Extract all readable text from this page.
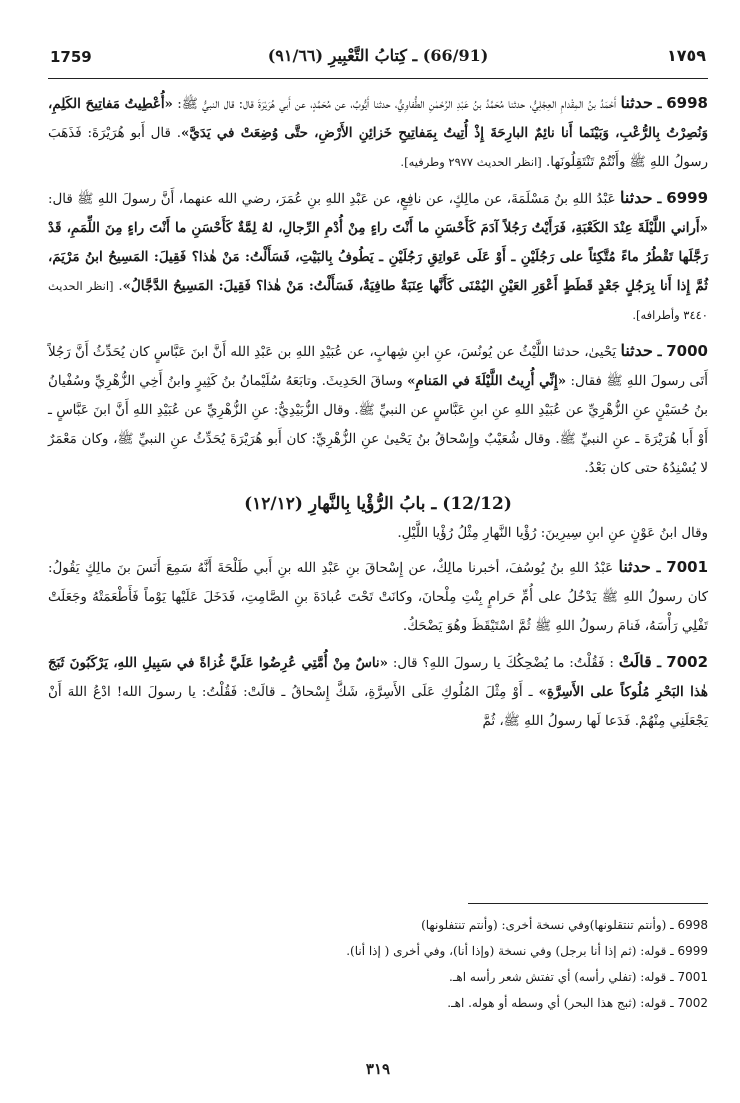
1759	(66/91) ـ كِتابُ التَّعْبِيرِ (٩١/٦٦)	١٧٥٩

6998 ـ حدثنا أَحْمَدُ بنُ المِقْدامِ العِجْلِيُّ، حدثنا مُحَمَّدُ بنُ عَبْدِ الرَّحْمٰنِ الطُّفاوِيُّ، حدثنا أَيُّوبُ، عن مُحَمَّدٍ، عن أَبي هُرَيْرَةَ قال: قال النبيُّ ﷺ: «أُعْطِيتُ مَفاتِيحَ الكَلِمِ، وَنُصِرْتُ بِالرُّعْبِ، وَبَيْنَما أَنا نائِمٌ البارِحَةَ إِذْ أُتِيتُ بِمَفاتِيحِ خَزائِنِ الأَرْضِ، حتَّى وُضِعَتْ في يَدَيَّ». قال أَبو هُرَيْرَةَ: فَذَهَبَ رسولُ اللهِ ﷺ وأَنْتُمْ تَنْتَقِلُونَها. [انظر الحديث ٢٩٧٧ وطرفيه].

6999 ـ حدثنا عَبْدُ اللهِ بنُ مَسْلَمَةَ، عن مالِكٍ، عن نافِعٍ، عن عَبْدِ اللهِ بنِ عُمَرَ، رضي الله عنهما، أَنَّ رسولَ اللهِ ﷺ قال: «أَراني اللَّيْلَةَ عِنْدَ الكَعْبَةِ، فَرَأَيْتُ رَجُلاً آدَمَ كَأَحْسَنِ ما أَنْتَ راءٍ مِنْ أُدْمِ الرِّجالِ، لهُ لِمَّةٌ كَأَحْسَنِ ما أَنْتَ راءٍ مِنَ اللِّمَمِ، قَدْ رَجَّلَها تَقْطُرُ ماءً مُتَّكِئاً على رَجُلَيْنِ ـ أَوْ عَلَى عَواتِقِ رَجُلَيْنِ ـ يَطُوفُ بِالبَيْتِ، فَسَأَلْتُ: مَنْ هٰذا؟ فَقِيلَ: المَسِيحُ ابنُ مَرْيَمَ، ثُمَّ إِذا أَنا بِرَجُلٍ جَعْدٍ قَطَطٍ أَعْوَرِ العَيْنِ اليُمْنَى كَأَنَّها عِنَبَةٌ طافِيَةٌ، فَسَأَلْتُ: مَنْ هٰذا؟ فَقِيلَ: المَسِيحُ الدَّجَّالُ». [انظر الحديث ٣٤٤٠ وأطرافه].

7000 ـ حدثنا يَحْيىٰ، حدثنا اللَّيْثُ عن يُونُسَ، عنِ ابنِ شِهابٍ، عن عُبَيْدِ اللهِ بن عَبْدِ الله أَنَّ ابنَ عَبَّاسٍ كان يُحَدِّثُ أَنَّ رَجُلاً أَتَى رسولَ اللهِ ﷺ فقال: «إِنِّي أُرِيتُ اللَّيْلَةَ في المَنامِ» وساقَ الحَدِيثَ. وتابَعَهُ سُلَيْمانُ بنُ كَثِيرٍ وابنُ أَخِي الزُّهْرِيِّ وسُفْيانُ بنُ حُسَيْنٍ عنِ الزُّهْرِيِّ عن عُبَيْدِ اللهِ عنِ ابنِ عَبَّاسٍ عن النبيِّ ﷺ. وقال الزُّبَيْدِيُّ: عنِ الزُّهْرِيِّ عن عُبَيْدِ اللهِ أَنَّ ابنَ عَبَّاسٍ ـ أَوْ أَبا هُرَيْرَةَ ـ عنِ النبيِّ ﷺ. وقال شُعَيْبٌ وإِسْحاقُ بنُ يَحْيىٰ عنِ الزُّهْرِيِّ: كان أَبو هُرَيْرَةَ يُحَدِّثُ عنِ النبيِّ ﷺ، وكان مَعْمَرٌ لا يُسْنِدُهُ حتى كان بَعْدُ.

(12/12) ـ بابُ الرُّؤْيا بِالنَّهارِ (١٢/١٢)
وقال ابنُ عَوْنٍ عنِ ابنِ سِيرِينَ: رُؤْيا النَّهارِ مِثْلُ رُؤْيا اللَّيْلِ.

7001 ـ حدثنا عَبْدُ اللهِ بنُ يُوسُفَ، أخبرنا مالِكٌ، عن إِسْحاقَ بنِ عَبْدِ الله بنِ أَبي طَلْحَةَ أَنَّهُ سَمِعَ أَنَسَ بنَ مالِكٍ يَقُولُ: كان رسولُ اللهِ ﷺ يَدْخُلُ على أُمِّ حَرامٍ بِنْتِ مِلْحانَ، وكانَتْ تَحْتَ عُبادَةَ بنِ الصَّامِتِ، فَدَخَلَ عَلَيْها يَوْماً فَأَطْعَمَتْهُ وجَعَلَتْ تَفْلِي رَأْسَهُ، فَنامَ رسولُ اللهِ ﷺ ثُمَّ اسْتَيْقَظَ وهُوَ يَضْحَكُ.

7002 ـ قالَتْ : فَقُلْتُ: ما يُضْحِكُكَ يا رسولَ اللهِ؟ قال: «ناسٌ مِنْ أُمَّتِي عُرِضُوا عَلَيَّ غُزاةً في سَبِيلِ اللهِ، يَرْكَبُونَ ثَبَجَ هٰذا البَحْرِ مُلُوكاً على الأَسِرَّةِ» ـ أَوْ مِثْلَ المُلُوكِ عَلَى الأَسِرَّةِ، شَكَّ إِسْحاقُ ـ قالَتْ: فَقُلْتُ: يا رسولَ الله! ادْعُ اللهَ أَنْ يَجْعَلَنِي مِنْهُمْ. فَدَعا لَها رسولُ اللهِ ﷺ، ثُمَّ

6998 ـ (وأنتم تنتقلونها)وفي نسخة أخرى: (وأنتم تنتفلونها)
6999 ـ قوله: (ثم إذا أنا برجل) وفي نسخة (وإذا أنا)، وفي أخرى ( إذا أنا).
7001 ـ قوله: (تفلي رأسه) أي تفتش شعر رأسه اهـ.
7002 ـ قوله: (ثبج هذا البحر) أي وسطه أو هوله. اهـ.
٣١٩
